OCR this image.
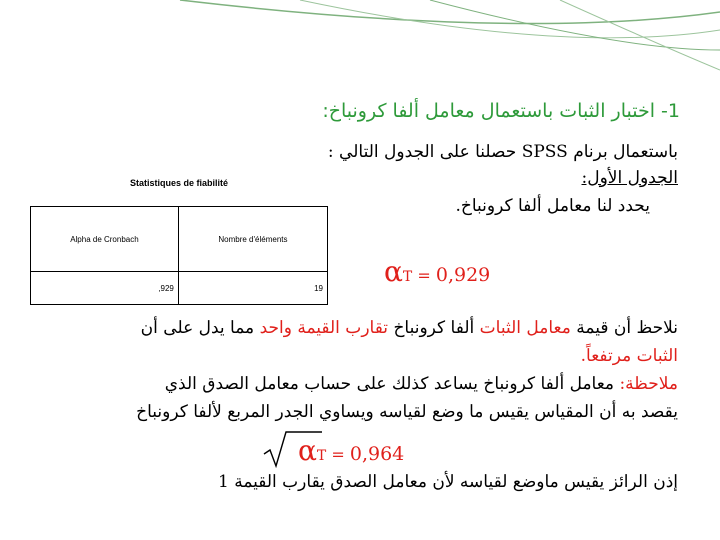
1- اختبار الثبات باستعمال معامل ألفا كرونباخ:
باستعمال برنام SPSS حصلنا على الجدول التالي :
الجدول الأول:
يحدد لنا معامل ألفا كرونباخ.
Statistiques de fiabilité
Alpha de Cronbach	Nombre d'éléments
,929	19 αT = 0,929
نلاحظ أن قيمة معامل الثبات ألفا كرونباخ تقارب القيمة واحد مما يدل على أن
الثبات مرتفعاً.
ملاحظة: معامل ألفا كرونباخ يساعد كذلك على حساب معامل الصدق الذي
يقصد به أن المقياس يقيس ما وضع لقياسه ويساوي الجدر المربع لألفا كرونباخ
αT = 0,964
إذن الرائز يقيس ماوضع لقياسه لأن معامل الصدق يقارب القيمة 1
